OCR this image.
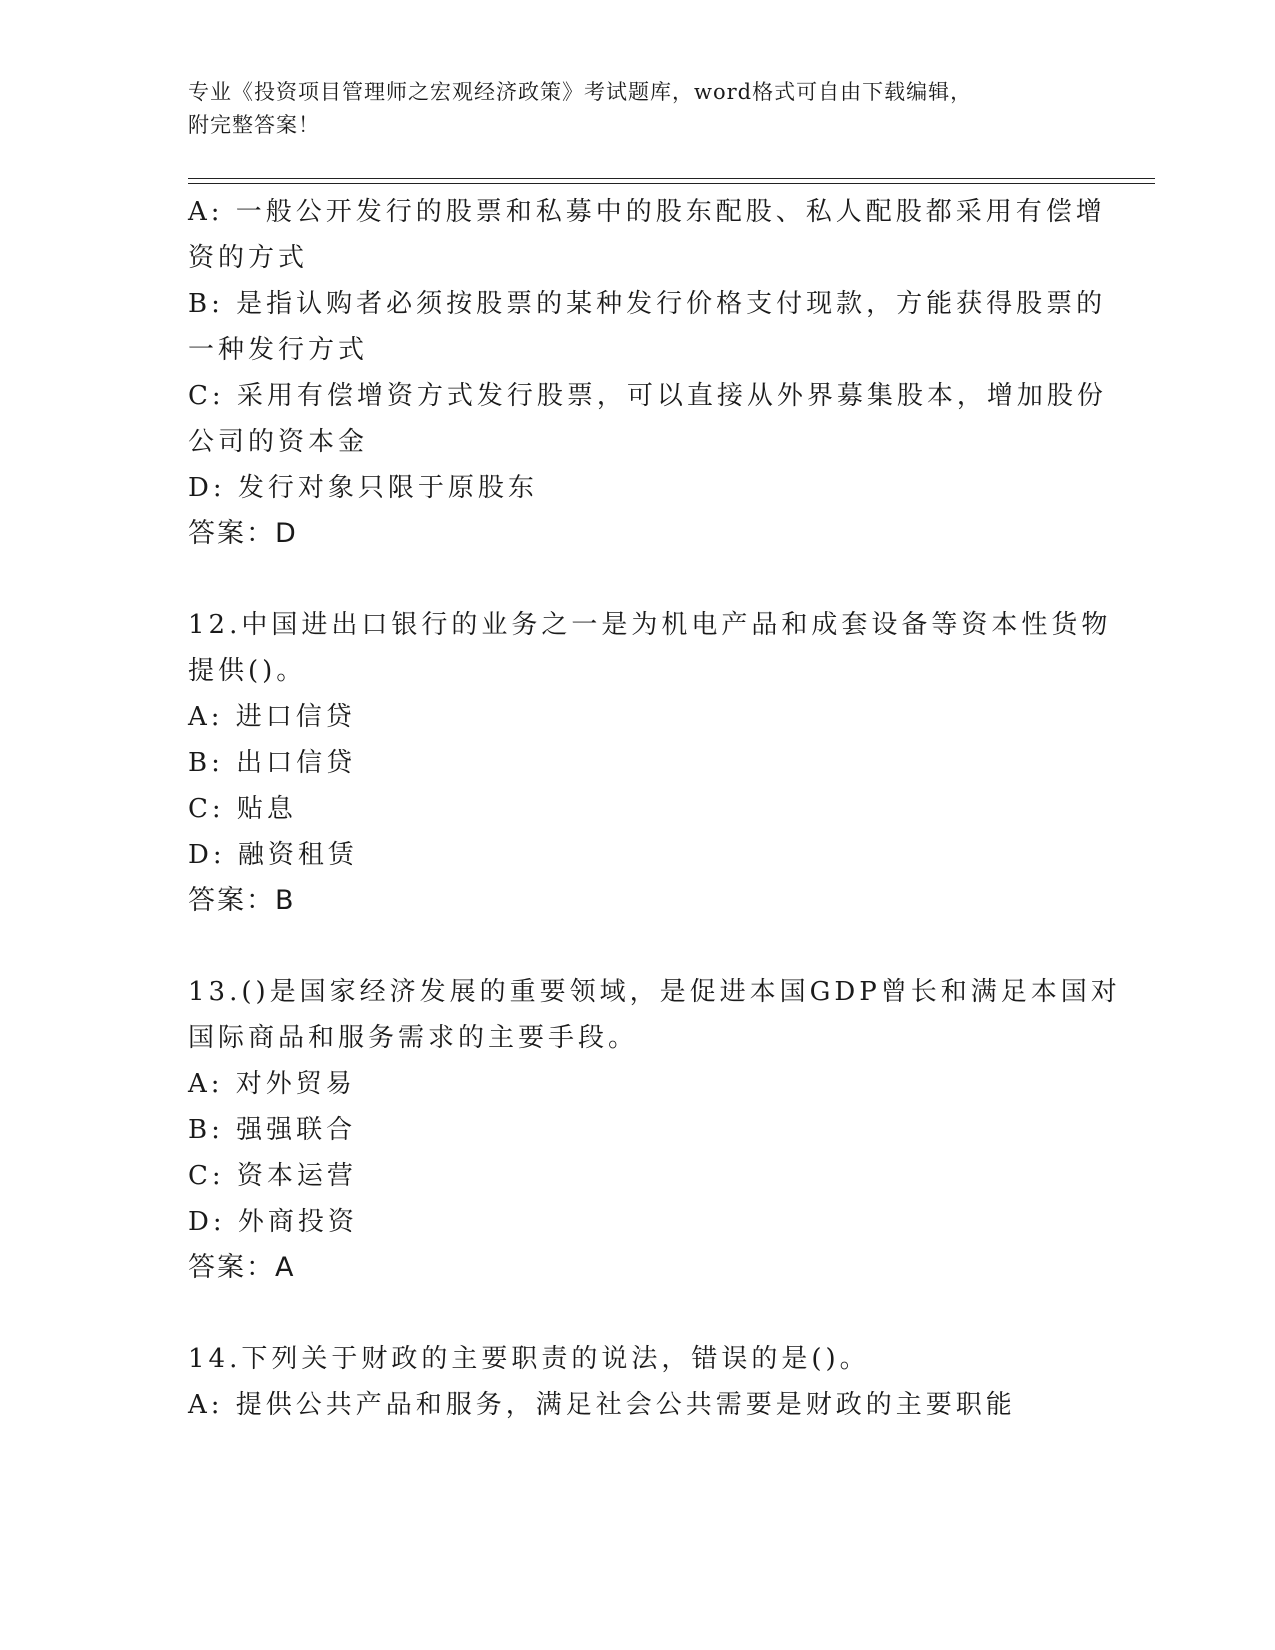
专业《投资项目管理师之宏观经济政策》考试题库，word格式可自由下载编辑，
附完整答案！
A: 一般公开发行的股票和私募中的股东配股、私人配股都采用有偿增
资的方式
B: 是指认购者必须按股票的某种发行价格支付现款，方能获得股票的
一种发行方式
C: 采用有偿增资方式发行股票，可以直接从外界募集股本，增加股份
公司的资本金
D: 发行对象只限于原股东
答案：D
12.中国进出口银行的业务之一是为机电产品和成套设备等资本性货物
提供()。
A: 进口信贷
B: 出口信贷
C: 贴息
D: 融资租赁
答案：B
13.()是国家经济发展的重要领域，是促进本国GDP曾长和满足本国对
国际商品和服务需求的主要手段。
A: 对外贸易
B: 强强联合
C: 资本运营
D: 外商投资
答案：A
14.下列关于财政的主要职责的说法，错误的是()。
A: 提供公共产品和服务，满足社会公共需要是财政的主要职能
